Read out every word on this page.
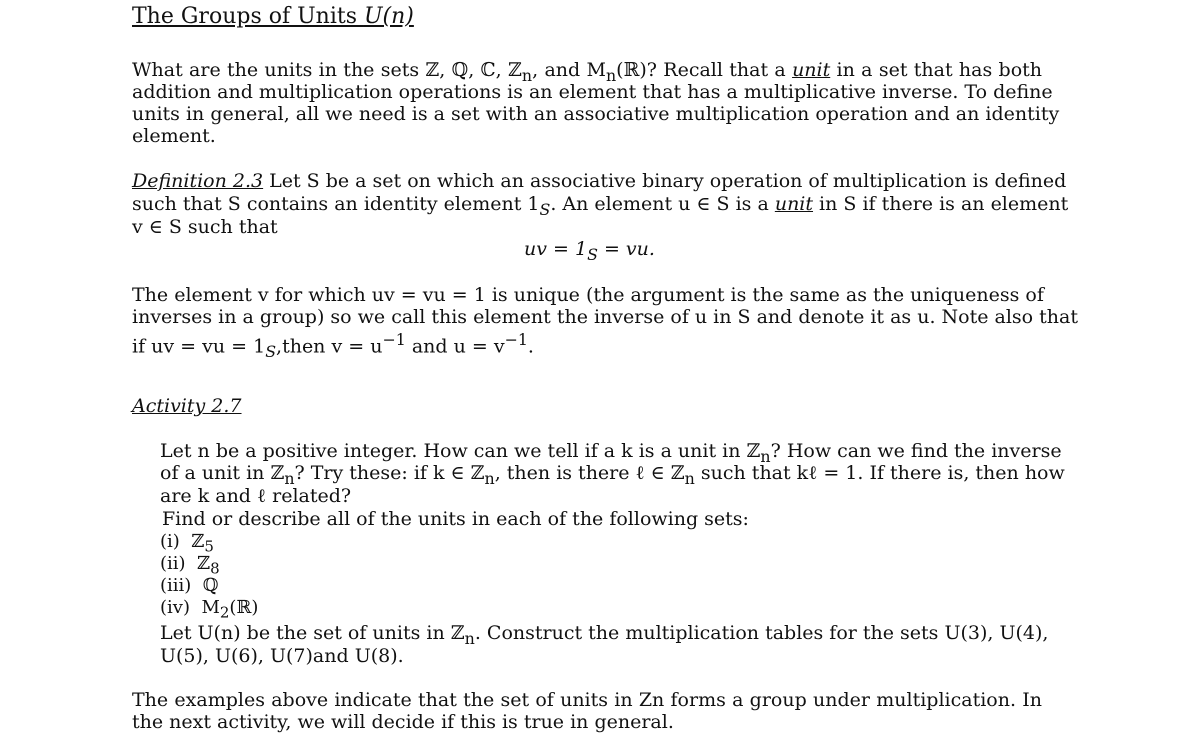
The Groups of Units U(n)
What are the units in the sets ℤ, ℚ, ℂ, ℤ$_n$, and $M_n(ℝ)$? Recall that a unit in a set that has both
addition and multiplication operations is an element that has a multiplicative inverse. To define
units in general, all we need is a set with an associative multiplication operation and an identity
element.
Definition 2.3 Let S be a set on which an associative binary operation of multiplication is defined
such that S contains an identity element $1_S$. An element u ∈ S is a unit in S if there is an element
v ∈ S such that
uv = $1_S$ = vu.
The element v for which uv = vu = 1 is unique (the argument is the same as the uniqueness of
inverses in a group) so we call this element the inverse of u in S and denote it as u. Note also that
if uv = vu = $1_S,then$ $v = u^{-1}$ and $u = v^{-1}$.
Activity 2.7
Let n be a positive integer. How can we tell if a k is a unit in ℤ$_n$? How can we find the inverse
of a unit in ℤ$_n$? Try these: if k ∈ ℤ$_n$, then is there ℓ ∈ ℤ$_n$ such that kℓ = 1. If there is, then how
are k and ℓ related?
Find or describe all of the units in each of the following sets:
(i) ℤ$_5$
(ii) ℤ$_8$
(iii) ℚ
(iv) $M_2(ℝ)$
Let U(n) be the set of units in ℤ$_n$. Construct the multiplication tables for the sets U(3), U(4),
U(5), U(6), U(7)and U(8).
The examples above indicate that the set of units in Zn forms a group under multiplication. In
the next activity, we will decide if this is true in general.
